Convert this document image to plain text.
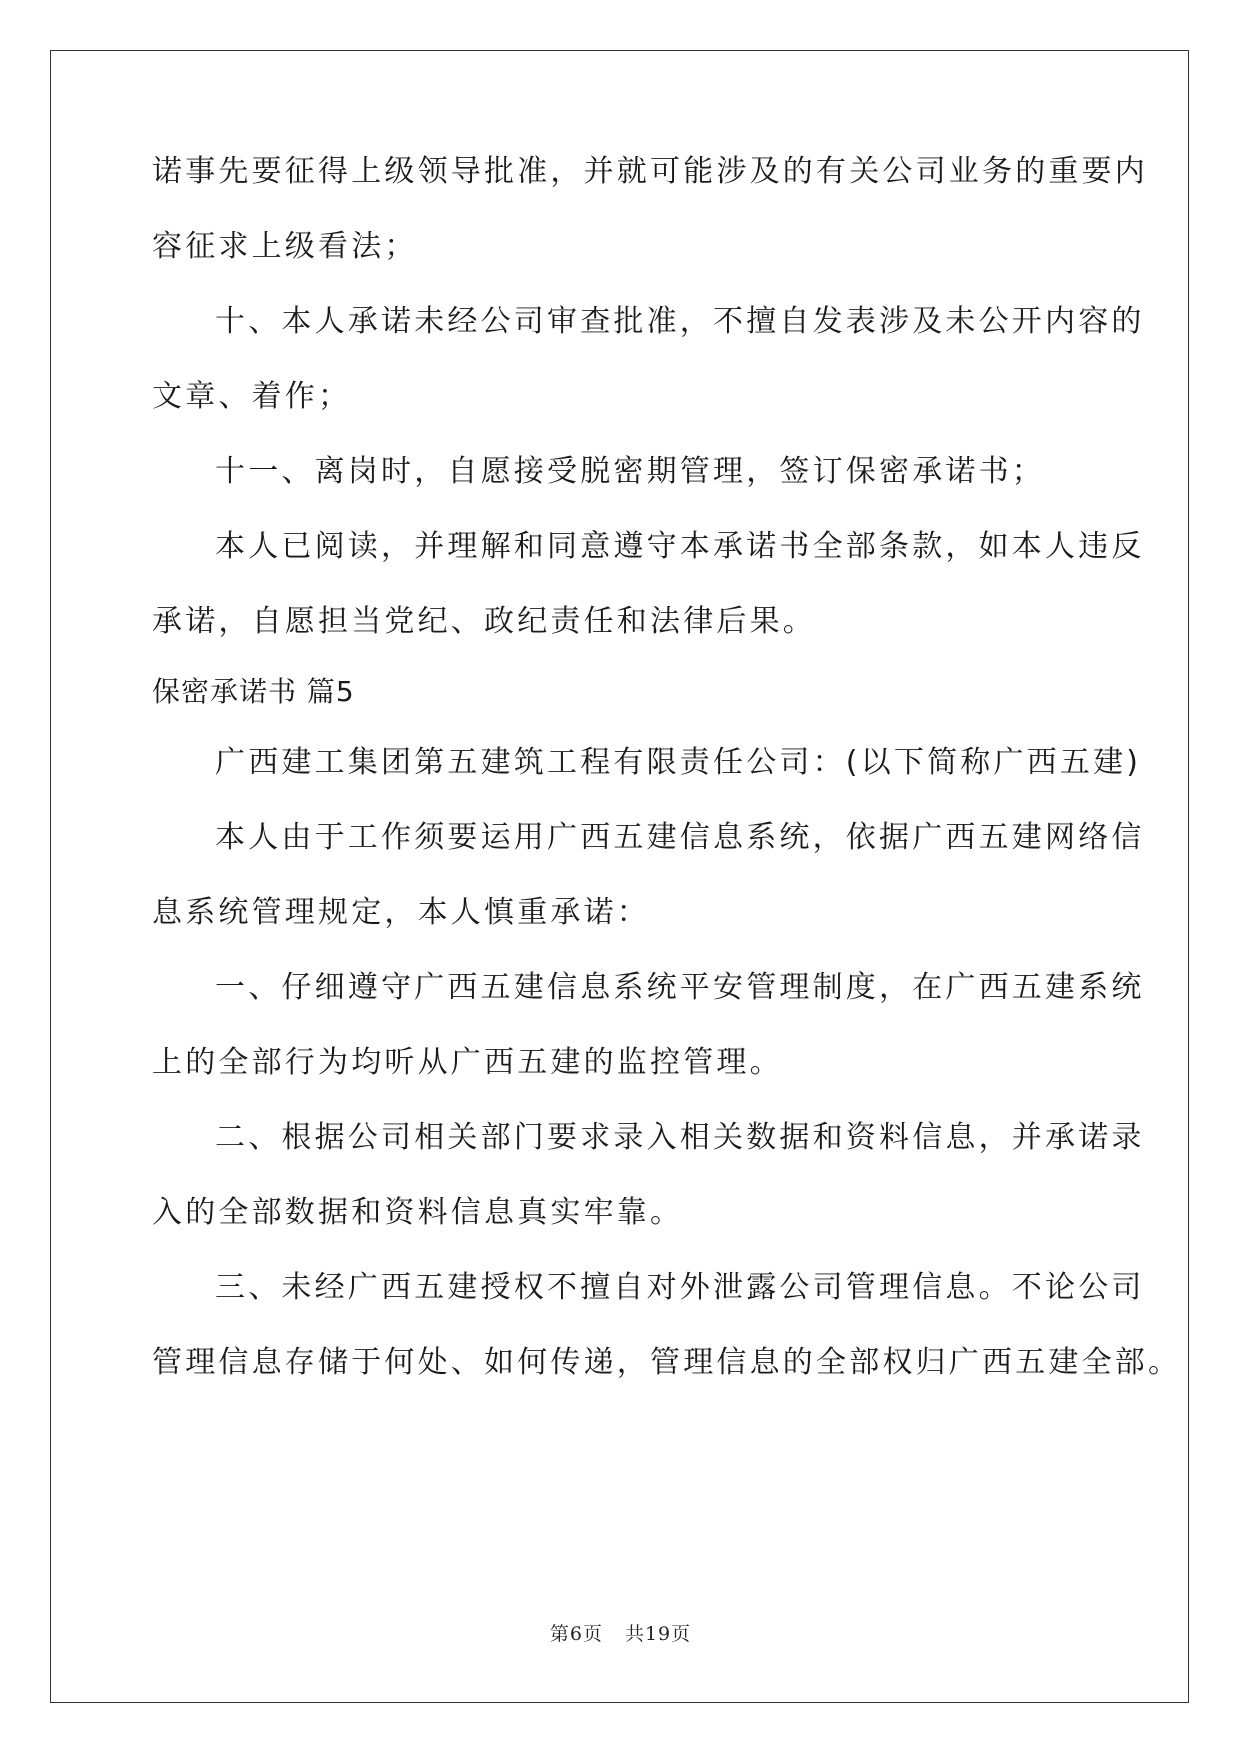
诺事先要征得上级领导批准，并就可能涉及的有关公司业务的重要内

容征求上级看法；

十、本人承诺未经公司审查批准，不擅自发表涉及未公开内容的

文章、着作；

十一、离岗时，自愿接受脱密期管理，签订保密承诺书；

本人已阅读，并理解和同意遵守本承诺书全部条款，如本人违反

承诺，自愿担当党纪、政纪责任和法律后果。

保密承诺书 篇5

广西建工集团第五建筑工程有限责任公司：(以下简称广西五建)

本人由于工作须要运用广西五建信息系统，依据广西五建网络信

息系统管理规定，本人慎重承诺：

一、仔细遵守广西五建信息系统平安管理制度，在广西五建系统

上的全部行为均听从广西五建的监控管理。

二、根据公司相关部门要求录入相关数据和资料信息，并承诺录

入的全部数据和资料信息真实牢靠。

三、未经广西五建授权不擅自对外泄露公司管理信息。不论公司

管理信息存储于何处、如何传递，管理信息的全部权归广西五建全部。

第6页 共19页
